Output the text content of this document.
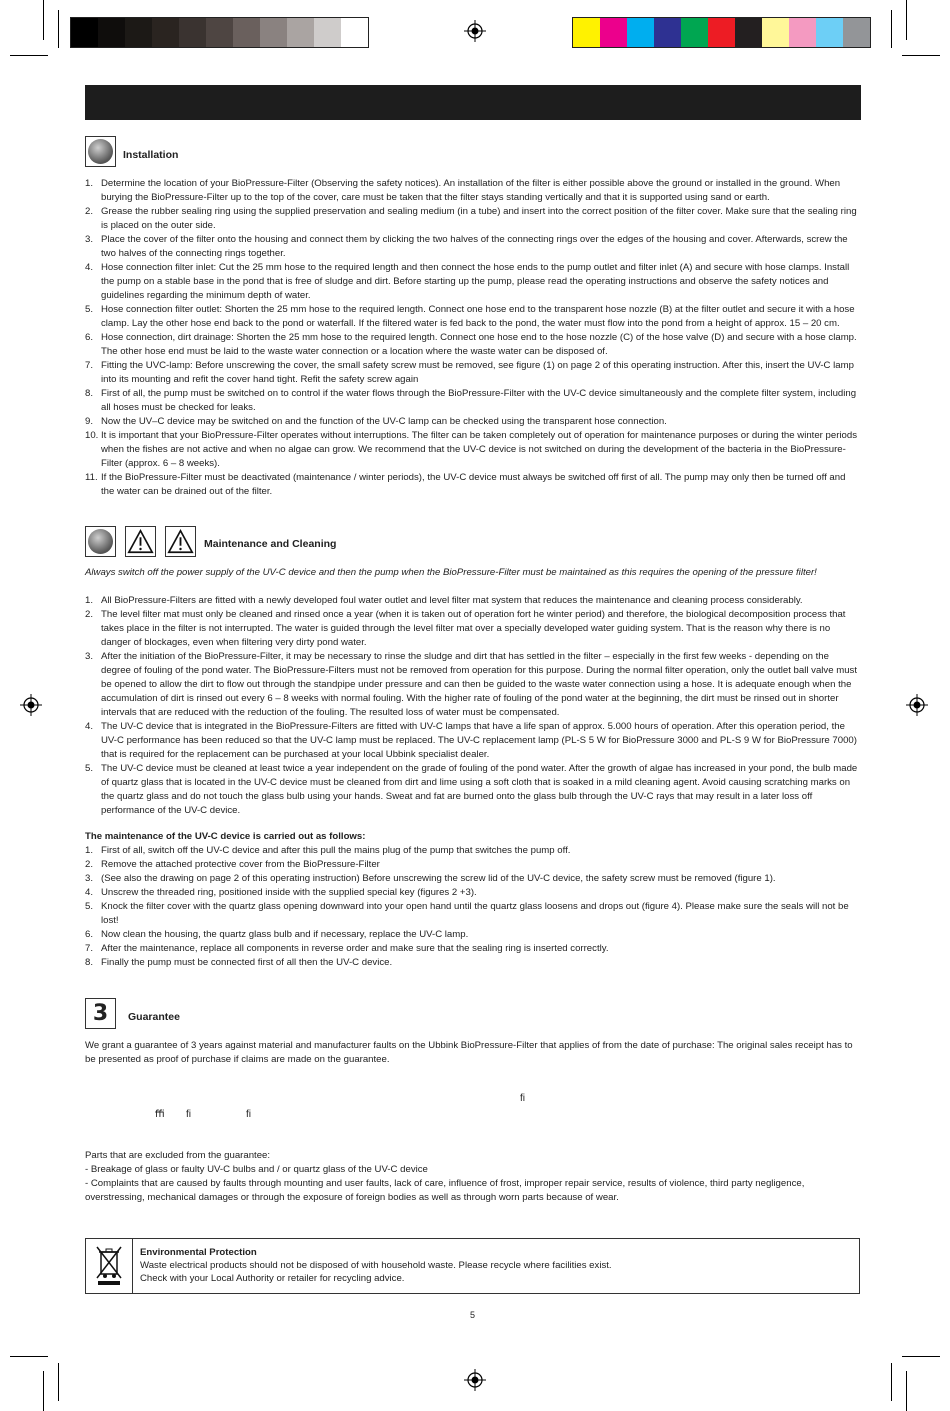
Installation
1. Determine the location of your BioPressure-Filter (Observing the safety notices). An installation of the filter is either possible above the ground or installed in the ground. When burying the BioPressure-Filter up to the top of the cover, care must be taken that the filter stays standing vertically and that it is supported using sand or earth.
2. Grease the rubber sealing ring using the supplied preservation and sealing medium (in a tube) and insert into the correct position of the filter cover. Make sure that the sealing ring is placed on the outer side.
3. Place the cover of the filter onto the housing and connect them by clicking the two halves of the connecting rings over the edges of the housing and cover. Afterwards, screw the two halves of the connecting rings together.
4. Hose connection filter inlet: Cut the 25 mm hose to the required length and then connect the hose ends to the pump outlet and filter inlet (A) and secure with hose clamps. Install the pump on a stable base in the pond that is free of sludge and dirt. Before starting up the pump, please read the operating instructions and observe the safety notices and guidelines regarding the minimum depth of water.
5. Hose connection filter outlet: Shorten the 25 mm hose to the required length. Connect one hose end to the transparent hose nozzle (B) at the filter outlet and secure it with a hose clamp. Lay the other hose end back to the pond or waterfall. If the filtered water is fed back to the pond, the water must flow into the pond from a height of approx. 15 – 20 cm.
6. Hose connection, dirt drainage: Shorten the 25 mm hose to the required length. Connect one hose end to the hose nozzle (C) of the hose valve (D) and secure with a hose clamp. The other hose end must be laid to the waste water connection or a location where the waste water can be disposed of.
7. Fitting the UVC-lamp: Before unscrewing the cover, the small safety screw must be removed, see figure (1) on page 2 of this operating instruction. After this, insert the UV-C lamp into its mounting and refit the cover hand tight. Refit the safety screw again
8. First of all, the pump must be switched on to control if the water flows through the BioPressure-Filter with the UV-C device simultaneously and the complete filter system, including all hoses must be checked for leaks.
9. Now the UV–C device may be switched on and the function of the UV-C lamp can be checked using the transparent hose connection.
10. It is important that your BioPressure-Filter operates without interruptions. The filter can be taken completely out of operation for maintenance purposes or during the winter periods when the fishes are not active and when no algae can grow. We recommend that the UV-C device is not switched on during the development of the bacteria in the BioPressure-Filter (approx. 6 – 8 weeks).
11. If the BioPressure-Filter must be deactivated (maintenance / winter periods), the UV-C device must always be switched off first of all. The pump may only then be turned off and the water can be drained out of the filter.
Maintenance and Cleaning

Always switch off the power supply of the UV-C device and then the pump when the BioPressure-Filter must be maintained as this requires the opening of the pressure filter!

1. All BioPressure-Filters are fitted with a newly developed foul water outlet and level filter mat system that reduces the maintenance and cleaning process considerably.
2. The level filter mat must only be cleaned and rinsed once a year (when it is taken out of operation fort he winter period) and therefore, the biological decomposition process that takes place in the filter is not interrupted. The water is guided through the level filter mat over a specially developed water guiding system. That is the reason why there is no danger of blockages, even when filtering very dirty pond water.
3. After the initiation of the BioPressure-Filter, it may be necessary to rinse the sludge and dirt that has settled in the filter – especially in the first few weeks - depending on the degree of fouling of the pond water. The BioPressure-Filters must not be removed from operation for this purpose. During the normal filter operation, only the outlet ball valve must be opened to allow the dirt to flow out through the standpipe under pressure and can then be guided to the waste water connection using a hose. It is adequate enough when the accumulation of dirt is rinsed out every 6 – 8 weeks with normal fouling. With the higher rate of fouling of the pond water at the beginning, the dirt must be rinsed out in shorter intervals that are reduced with the reduction of the fouling. The resulted loss of water must be compensated.
4. The UV-C device that is integrated in the BioPressure-Filters are fitted with UV-C lamps that have a life span of approx. 5.000 hours of operation. After this operation period, the UV-C performance has been reduced so that the UV-C lamp must be replaced. The UV-C replacement lamp (PL-S 5 W for BioPressure 3000 and PL-S 9 W for BioPressure 7000) that is required for the replacement can be purchased at your local Ubbink specialist dealer.
5. The UV-C device must be cleaned at least twice a year independent on the grade of fouling of the pond water. After the growth of algae has increased in your pond, the bulb made of quartz glass that is located in the UV-C device must be cleaned from dirt and lime using a soft cloth that is soaked in a mild cleaning agent. Avoid causing scratching marks on the quartz glass and do not touch the glass bulb using your hands. Sweat and fat are burned onto the glass bulb through the UV-C rays that may result in a later loss off performance of the UV-C device.

The maintenance of the UV-C device is carried out as follows:

1. First of all, switch off the UV-C device and after this pull the mains plug of the pump that switches the pump off.
2. Remove the attached protective cover from the BioPressure-Filter
3. (See also the drawing on page 2 of this operating instruction) Before unscrewing the screw lid of the UV-C device, the safety screw must be removed (figure 1).
4. Unscrew the threaded ring, positioned inside with the supplied special key (figures 2 +3).
5. Knock the filter cover with the quartz glass opening downward into your open hand until the quartz glass loosens and drops out (figure 4). Please make sure the seals will not be lost!
6. Now clean the housing, the quartz glass bulb and if necessary, replace the UV-C lamp.
7. After the maintenance, replace all components in reverse order and make sure that the sealing ring is inserted correctly.
8. Finally the pump must be connected first of all then the UV-C device.
3	Guarantee

We grant a guarantee of 3 years against material and manufacturer faults on the Ubbink BioPressure-Filter that applies of from the date of purchase: The original sales receipt has to be presented as proof of purchase if claims are made on the guarantee.

ﬁ
ﬃ ﬁ	ﬁ

Parts that are excluded from the guarantee:

- Breakage of glass or faulty UV-C bulbs and / or quartz glass of the UV-C device

- Complaints that are caused by faults through mounting and user faults, lack of care, influence of frost, improper repair service, results of violence, third party negligence, overstressing, mechanical damages or through the exposure of foreign bodies as well as through worn parts because of wear.

Environmental Protection
Waste electrical products should not be disposed of with household waste. Please recycle where facilities exist.
Check with your Local Authority or retailer for recycling advice.
5
